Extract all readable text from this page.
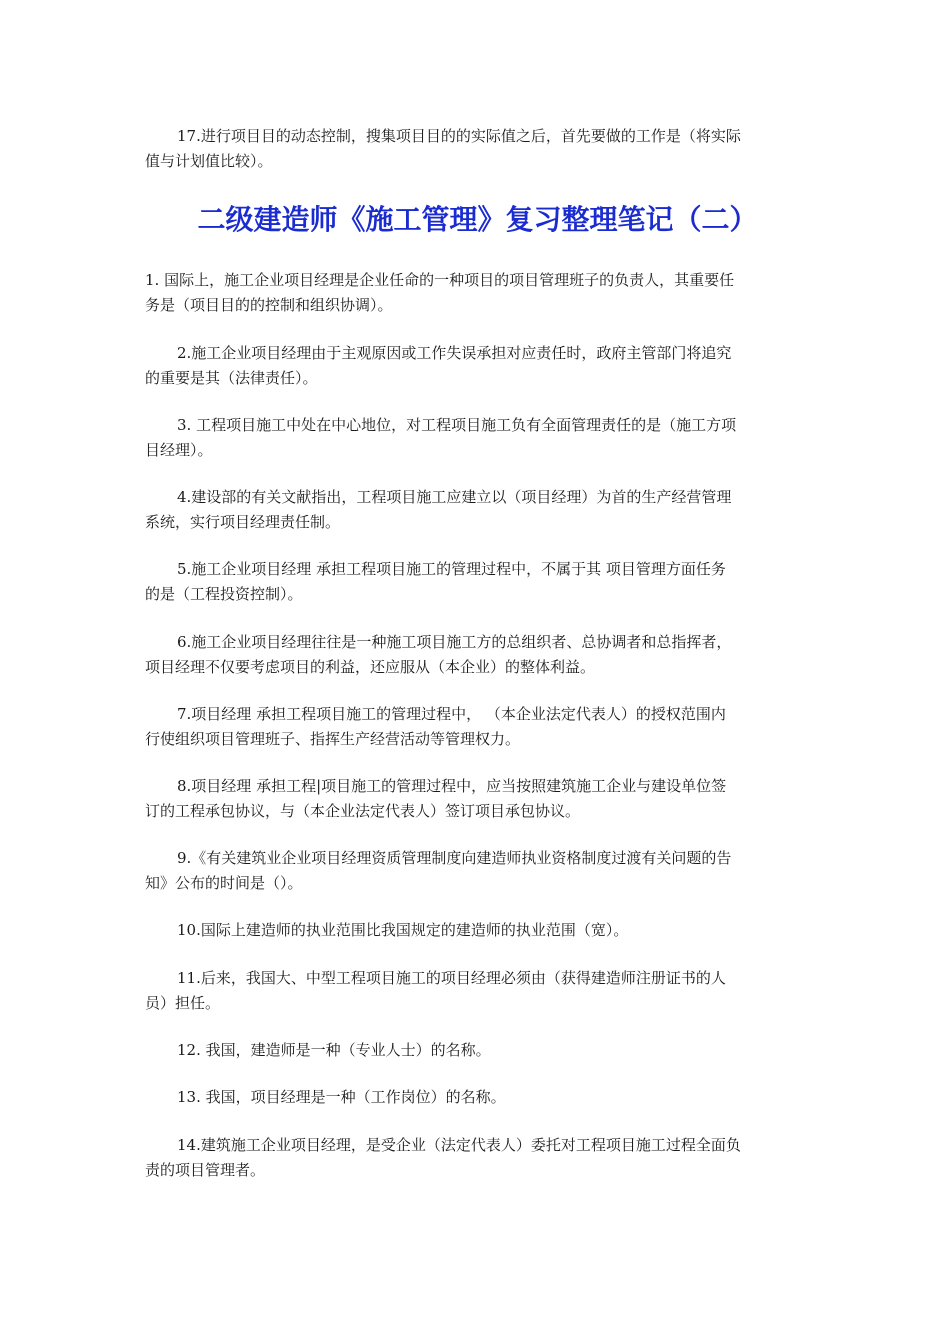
17.进行项目目的动态控制，搜集项目目的的实际值之后，首先要做的工作是（将实际
值与计划值比较）。

二级建造师《施工管理》复习整理笔记（二）

1. 国际上，施工企业项目经理是企业任命的一种项目的项目管理班子的负责人，其重要任
务是（项目目的的控制和组织协调）。

2.施工企业项目经理由于主观原因或工作失误承担对应责任时，政府主管部门将追究
的重要是其（法律责任）。

3. 工程项目施工中处在中心地位，对工程项目施工负有全面管理责任的是（施工方项
目经理）。

4.建设部的有关文献指出，工程项目施工应建立以（项目经理）为首的生产经营管理
系统，实行项目经理责任制。

5.施工企业项目经理 承担工程项目施工的管理过程中，不属于其 项目管理方面任务
的是（工程投资控制）。

6.施工企业项目经理往往是一种施工项目施工方的总组织者、总协调者和总指挥者，
项目经理不仅要考虑项目的利益，还应服从（本企业）的整体利益。

7.项目经理 承担工程项目施工的管理过程中， （本企业法定代表人）的授权范围内
行使组织项目管理班子、指挥生产经营活动等管理权力。

8.项目经理 承担工程|项目施工的管理过程中，应当按照建筑施工企业与建设单位签
订的工程承包协议，与（本企业法定代表人）签订项目承包协议。

9.《有关建筑业企业项目经理资质管理制度向建造师执业资格制度过渡有关问题的告
知》公布的时间是（）。

10.国际上建造师的执业范围比我国规定的建造师的执业范围（宽）。

11.后来，我国大、中型工程项目施工的项目经理必须由（获得建造师注册证书的人
员）担任。

12. 我国，建造师是一种（专业人士）的名称。

13. 我国，项目经理是一种（工作岗位）的名称。

14.建筑施工企业项目经理，是受企业（法定代表人）委托对工程项目施工过程全面负
责的项目管理者。
